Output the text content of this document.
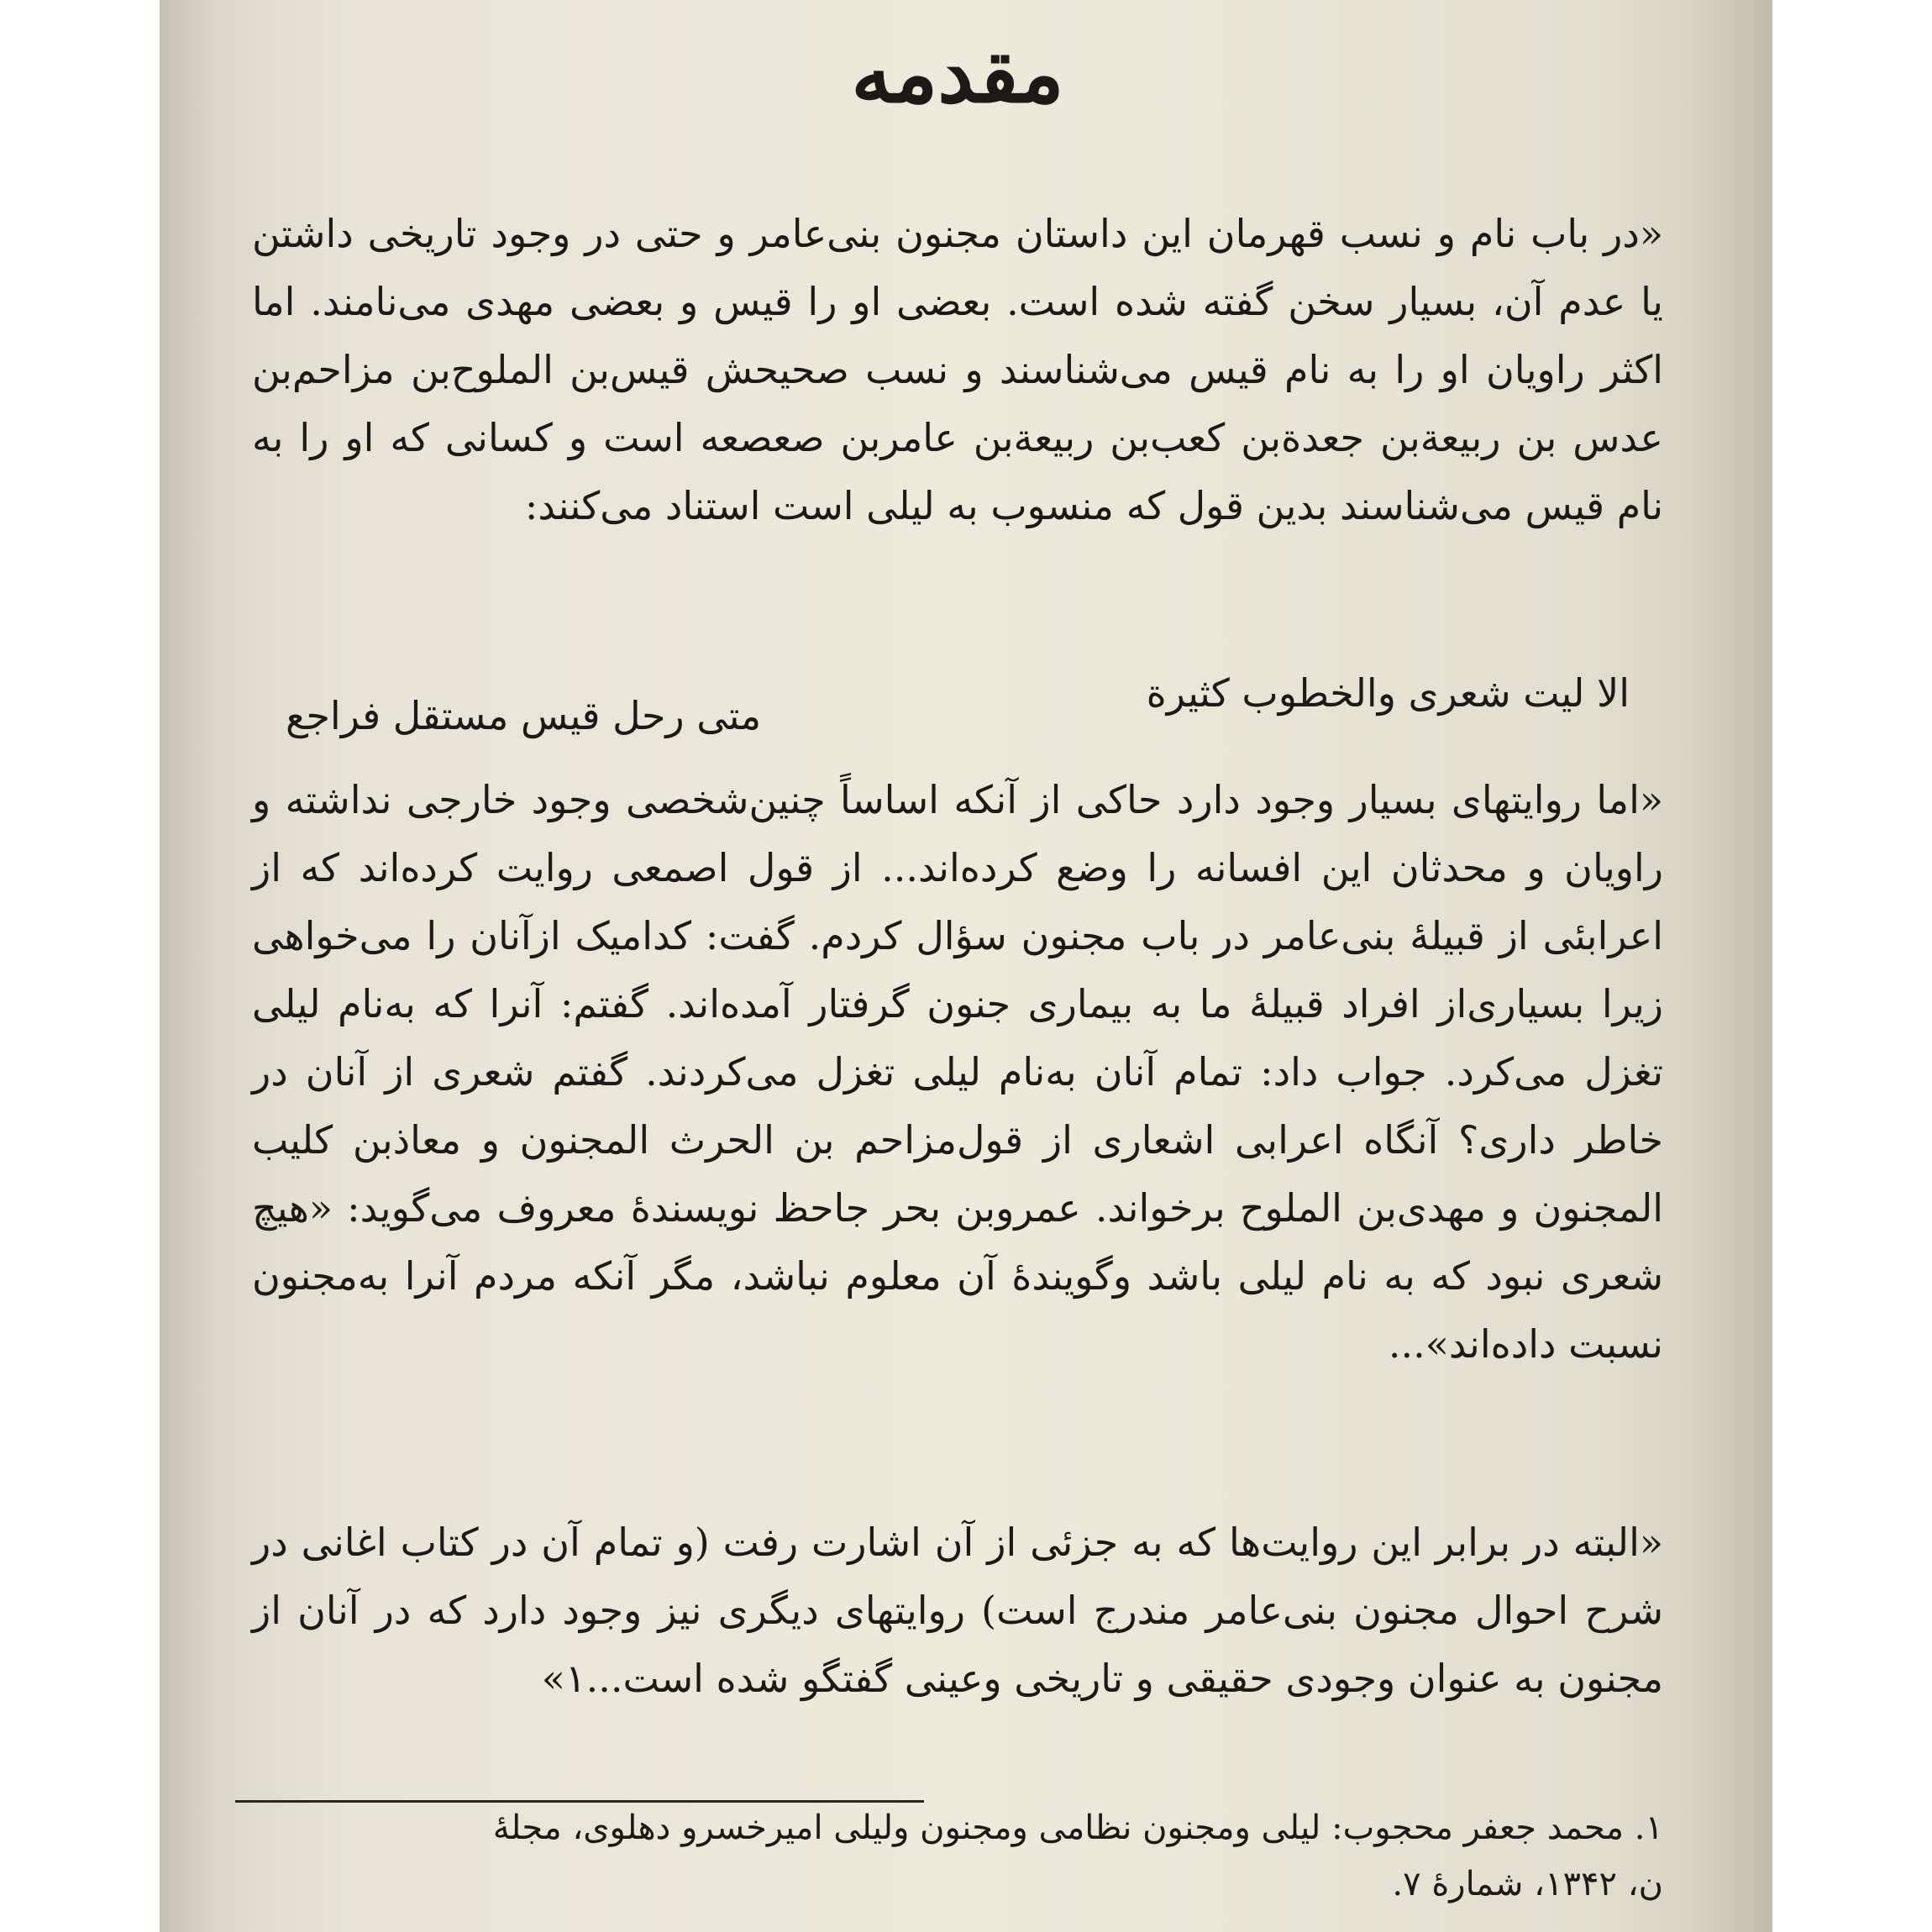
مقدمه

«در باب نام و نسب قهرمان این داستان مجنون بنی‌عامر و حتی در وجود تاریخی داشتن یا عدم آن، بسیار سخن گفته شده است. بعضی او را قیس و بعضی مهدی می‌نامند. اما اکثر راویان او را به نام قیس می‌شناسند و نسب صحیحش قیس‌بن الملوح‌بن مزاحم‌بن عدس بن ربیعة‌بن جعدة‌بن کعب‌بن ربیعة‌بن عامر‌بن صعصعه است و کسانی که او را به نام قیس می‌شناسند بدین قول که منسوب به لیلی است استناد می‌کنند:

الا لیت شعری والخطوب کثیرة
متی رحل قیس مستقل فراجع

«اما روایتهای بسیار وجود دارد حاکی از آنکه اساساً چنین‌شخصی وجود خارجی نداشته و راویان و محدثان این افسانه را وضع کرده‌اند... از قول اصمعی روایت کرده‌اند که از اعرابئی از قبیلۀ بنی‌عامر در باب مجنون سؤال کردم. گفت: کدامیک ازآنان را می‌خواهی زیرا بسیاری‌از افراد قبیلۀ ما به بیماری جنون گرفتار آمده‌اند. گفتم: آنرا که به‌نام لیلی تغزل می‌کرد. جواب داد: تمام آنان به‌نام لیلی تغزل می‌کردند. گفتم شعری از آنان در خاطر داری؟ آنگاه اعرابی اشعاری از قول‌مزاحم بن الحرث المجنون و معاذبن کلیب المجنون و مهدی‌بن الملوح برخواند. عمروبن بحر جاحظ نویسندۀ معروف می‌گوید: «هیچ شعری نبود که به نام لیلی باشد وگویندۀ آن معلوم نباشد، مگر آنکه مردم آنرا به‌مجنون نسبت داده‌اند»...

«البته در برابر این روایت‌ها که به جزئی از آن اشارت رفت (و تمام آن در کتاب اغانی در شرح احوال مجنون بنی‌عامر مندرج است) روایتهای دیگری نیز وجود دارد که در آنان از مجنون به عنوان وجودی حقیقی و تاریخی وعینی گفتگو شده است...۱»

۱. محمد جعفر محجوب: لیلی ومجنون نظامی ومجنون ولیلی امیرخسرو دهلوی، مجلۀ
ن، ۱۳۴۲، شمارۀ ۷.
